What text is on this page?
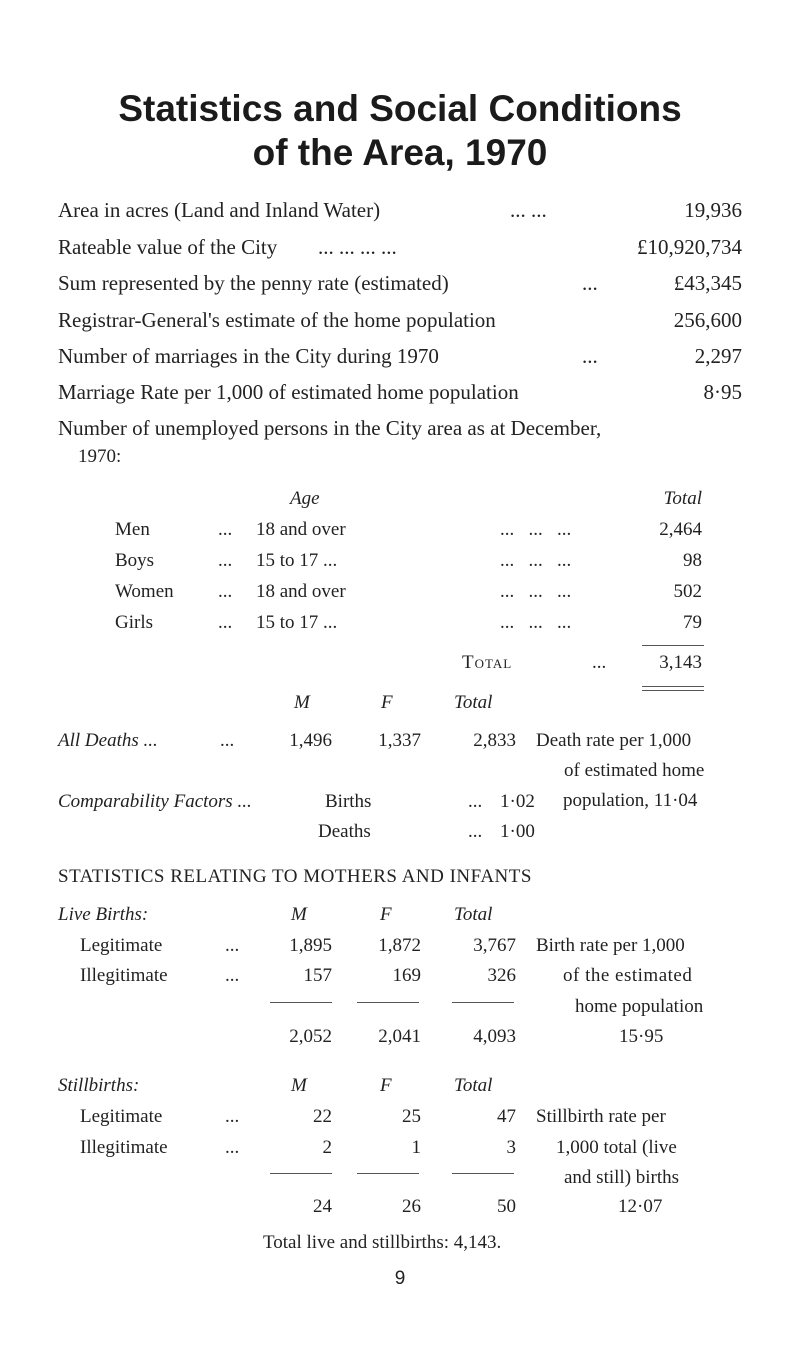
Statistics and Social Conditions
of the Area, 1970
Area in acres (Land and Inland Water)	... ...	19,936
Rateable value of the City ... ... ... ...	£10,920,734
Sum represented by the penny rate (estimated)	...	£43,345
Registrar-General's estimate of the home population	256,600
Number of marriages in the City during 1970	...	2,297
Marriage Rate per 1,000 of estimated home population	8·95
Number of unemployed persons in the City area as at December,
1970:
Age	Total
Men	... 18 and over	...   ...   ...	2,464
Boys	... 15 to 17 ...	...   ...   ...	98
Women ... 18 and over	...   ...   ...	502
Girls	... 15 to 17 ...	...   ...   ...	79
Total	...	3,143
M	F	Total
All Deaths ...	...	1,496 1,337	2,833 Death rate per 1,000
of estimated home
population, 11·04
Comparability Factors ...	Births	... 1·02
Deaths	... 1·00
STATISTICS RELATING TO MOTHERS AND INFANTS
Live Births:	M	F	Total
Legitimate	...	1,895 1,872	3,767
Illegitimate	...	157	169	326
2,052 2,041	4,093
Birth rate per 1,000
of the estimated
home population
15·95
Stillbirths:	M	F	Total
Legitimate	...	22	25	47
Illegitimate	...	2	1	3
24	26	50
Stillbirth rate per
1,000 total (live
and still) births
12·07
Total live and stillbirths: 4,143.
9
